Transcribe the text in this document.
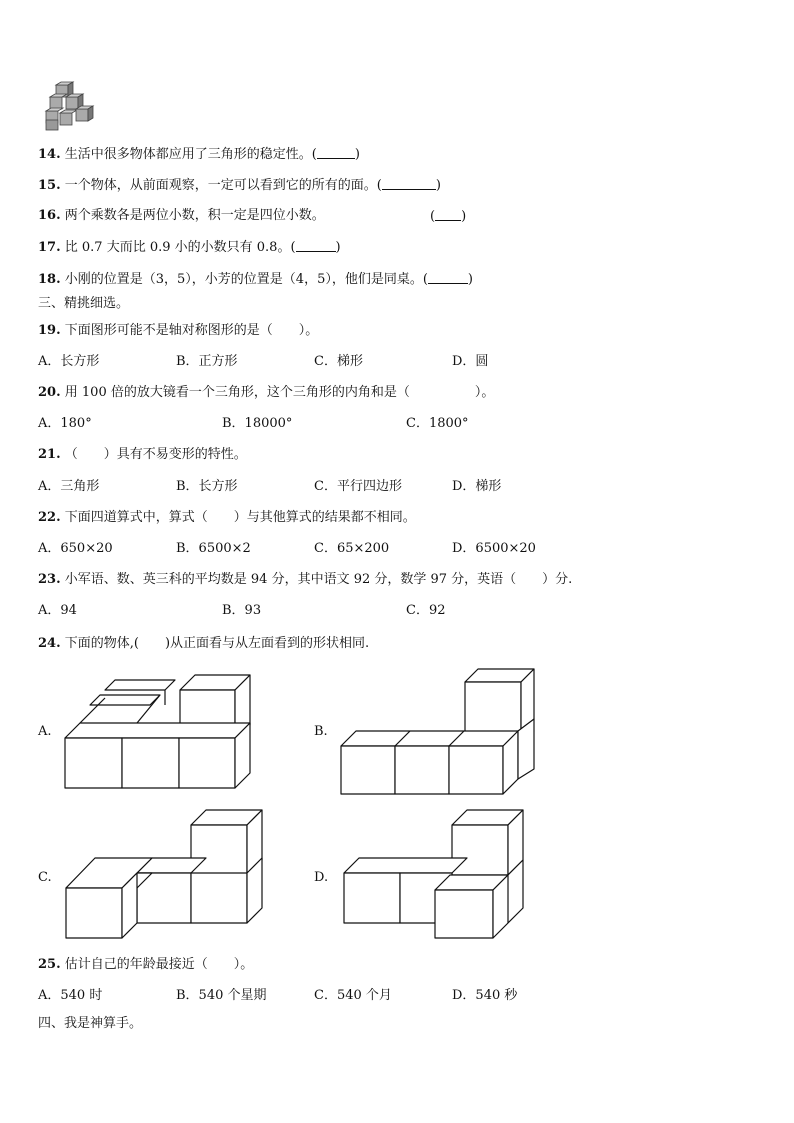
14. 生活中很多物体都应用了三角形的稳定性。(	)
15. 一个物体，从前面观察，一定可以看到它的所有的面。(	)
16. 两个乘数各是两位小数，积一定是四位小数。	( )
17. 比 0.7 大而比 0.9 小的小数只有 0.8。(	)
18. 小刚的位置是（3，5），小芳的位置是（4，5），他们是同桌。(	)
三、精挑细选。
19. 下面图形可能不是轴对称图形的是（　　）。
A．长方形	B．正方形	C．梯形	D．圆
20. 用 100 倍的放大镜看一个三角形，这个三角形的内角和是（　　　　　）。
A．180°	B．18000°	C．1800°
21. （　　）具有不易变形的特性。
A．三角形	B．长方形	C．平行四边形	D．梯形
22. 下面四道算式中，算式（　　）与其他算式的结果都不相同。
A．650×20	B．6500×2	C．65×200	D．6500×20
23. 小军语、数、英三科的平均数是 94 分，其中语文 92 分，数学 97 分，英语（　　）分.
A．94	B．93	C．92
24. 下面的物体,(　　)从正面看与从左面看到的形状相同.
A.	B.
C.	D.
25. 估计自己的年龄最接近（　　）。
A．540 时	B．540 个星期	C．540 个月	D．540 秒
四、我是神算手。
